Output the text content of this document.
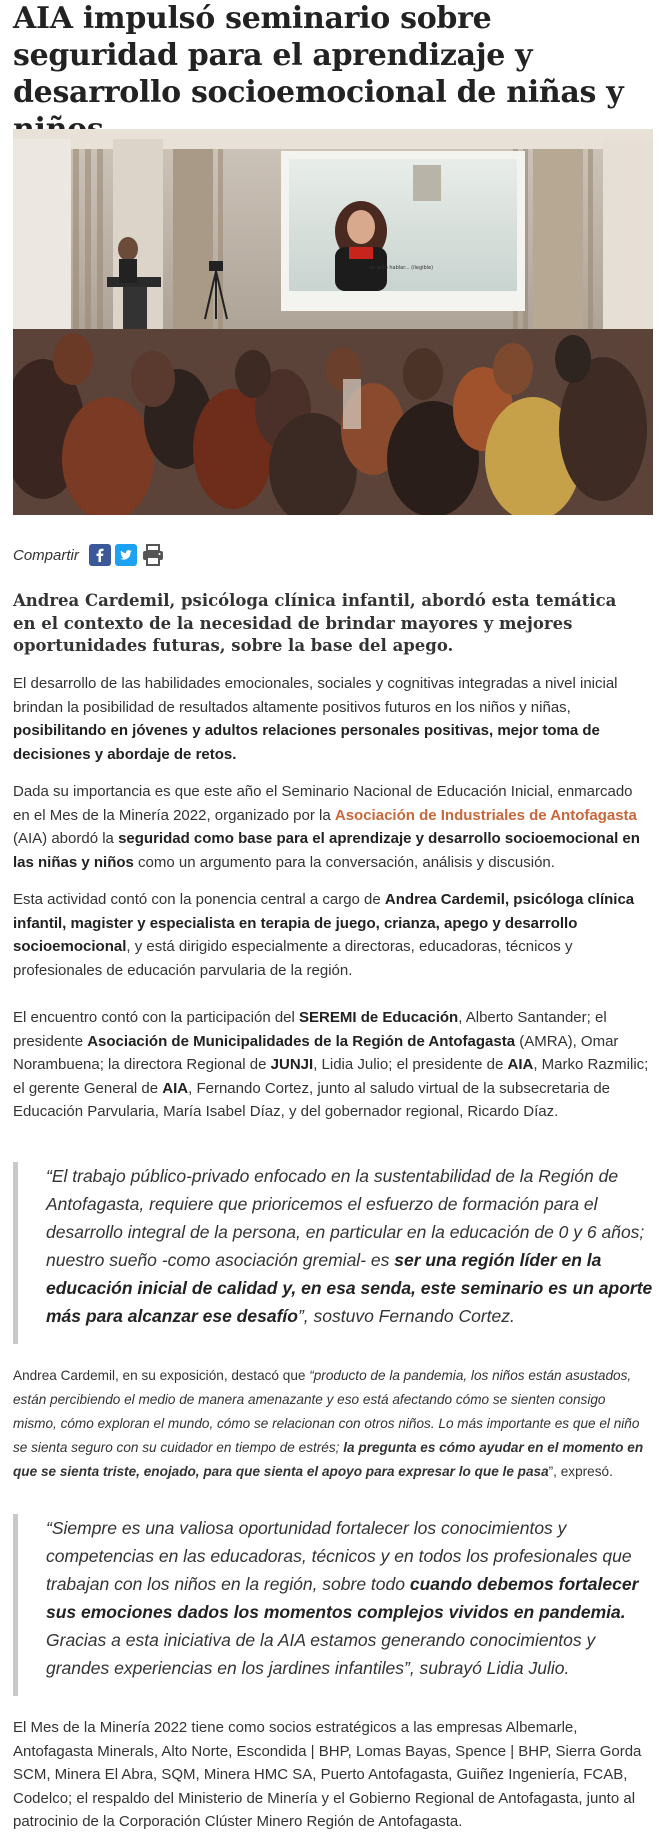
AIA impulsó seminario sobre seguridad para el aprendizaje y desarrollo socioemocional de niñas y
un acto hablar... (ilegible)
Compartir

Andrea Cardemil, psicóloga clínica infantil, abordó esta temática en el contexto de la necesidad de brindar mayores y mejores oportunidades futuras, sobre la base del apego.

El desarrollo de las habilidades emocionales, sociales y cognitivas integradas a nivel inicial brindan la posibilidad de resultados altamente positivos futuros en los niños y niñas, posibilitando en jóvenes y adultos relaciones personales positivas, mejor toma de decisiones y abordaje de retos.

Dada su importancia es que este año el Seminario Nacional de Educación Inicial, enmarcado en el Mes de la Minería 2022, organizado por la Asociación de Industriales de Antofagasta (AIA) abordó la seguridad como base para el aprendizaje y desarrollo socioemocional en las niñas y niños como un argumento para la conversación, análisis y discusión.

Esta actividad contó con la ponencia central a cargo de Andrea Cardemil, psicóloga clínica infantil, magister y especialista en terapia de juego, crianza, apego y desarrollo socioemocional, y está dirigido especialmente a directoras, educadoras, técnicos y profesionales de educación parvularia de la región.

El encuentro contó con la participación del SEREMI de Educación, Alberto Santander; el presidente Asociación de Municipalidades de la Región de Antofagasta (AMRA), Omar Norambuena; la directora Regional de JUNJI, Lidia Julio; el presidente de AIA, Marko Razmilic; el gerente General de AIA, Fernando Cortez, junto al saludo virtual de la subsecretaria de Educación Parvularia, María Isabel Díaz, y del gobernador regional, Ricardo Díaz.

“El trabajo público-privado enfocado en la sustentabilidad de la Región de Antofagasta, requiere que prioricemos el esfuerzo de formación para el desarrollo integral de la persona, en particular en la educación de 0 y 6 años; nuestro sueño -como asociación gremial- es ser una región líder en la educación inicial de calidad y, en esa senda, este seminario es un aporte más para alcanzar ese desafío”, sostuvo Fernando Cortez.

Andrea Cardemil, en su exposición, destacó que “producto de la pandemia, los niños están asustados, están percibiendo el medio de manera amenazante y eso está afectando cómo se sienten consigo mismo, cómo exploran el mundo, cómo se relacionan con otros niños. Lo más importante es que el niño se sienta seguro con su cuidador en tiempo de estrés; la pregunta es cómo ayudar en el momento en que se sienta triste, enojado, para que sienta el apoyo para expresar lo que le pasa”, expresó.

“Siempre es una valiosa oportunidad fortalecer los conocimientos y competencias en las educadoras, técnicos y en todos los profesionales que trabajan con los niños en la región, sobre todo cuando debemos fortalecer sus emociones dados los momentos complejos vividos en pandemia. Gracias a esta iniciativa de la AIA estamos generando conocimientos y grandes experiencias en los jardines infantiles”, subrayó Lidia Julio.

El Mes de la Minería 2022 tiene como socios estratégicos a las empresas Albemarle, Antofagasta Minerals, Alto Norte, Escondida | BHP, Lomas Bayas, Spence | BHP, Sierra Gorda SCM, Minera El Abra, SQM, Minera HMC SA, Puerto Antofagasta, Guiñez Ingeniería, FCAB, Codelco; el respaldo del Ministerio de Minería y el Gobierno Regional de Antofagasta, junto al patrocinio de la Corporación Clúster Minero Región de Antofagasta.
